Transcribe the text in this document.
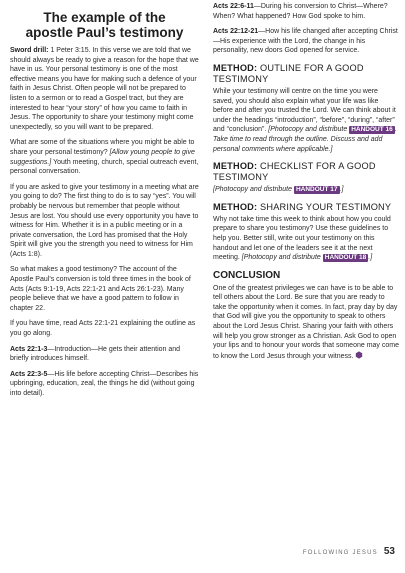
The example of the
apostle Paul’s testimony

Sword drill: 1 Peter 3:15. In this verse we are told that we should always be ready to give a reason for the hope that we have in us. Your personal testimony is one of the most effective means you have for making such a defence of your faith in Jesus Christ. Often people will not be prepared to listen to a sermon or to read a Gospel tract, but they are interested to hear “your story” of how you came to faith in Jesus. The opportunity to share your testimony might come unexpectedly, so you will want to be prepared.

What are some of the situations where you might be able to share your personal testimony? [Allow young people to give suggestions.] Youth meeting, church, special outreach event, personal conversation.

If you are asked to give your testimony in a meeting what are you going to do? The first thing to do is to say “yes”. You will probably be nervous but remember that people without Jesus are lost. You should use every opportunity you have to witness for Him. Whether it is in a public meeting or in a private conversation, the Lord has promised that the Holy Spirit will give you the strength you need to witness for Him (Acts 1:8).

So what makes a good testimony? The account of the Apostle Paul’s conversion is told three times in the book of Acts (Acts 9:1-19, Acts 22:1-21 and Acts 26:1-23). Many people believe that we have a good pattern to follow in chapter 22.

If you have time, read Acts 22:1-21 explaining the outline as you go along.

Acts 22:1-3—Introduction—He gets their attention and briefly introduces himself.

Acts 22:3-5—His life before accepting Christ—Describes his upbringing, education, zeal, the things he did (without going into detail).

Acts 22:6-11—During his conversion to Christ—Where? When? What happened? How God spoke to him.

Acts 22:12-21—How his life changed after accepting Christ—His experience with the Lord, the change in his personality, new doors God opened for service.

METHOD: OUTLINE FOR A GOOD TESTIMONY

While your testimony will centre on the time you were saved, you should also explain what your life was like before and after you trusted the Lord. We can think about it under the headings “introduction”, “before”, “during”, “after” and “conclusion”. [Photocopy and distribute HANDOUT 16 . Take time to read through the outline. Discuss and add personal comments where applicable.]

METHOD: CHECKLIST FOR A GOOD TESTIMONY

[Photocopy and distribute HANDOUT 17 .]

METHOD: SHARING YOUR TESTIMONY

Why not take time this week to think about how you could prepare to share you testimony? Use these guidelines to help you. Better still, write out your testimony on this handout and let one of the leaders see it at the next meeting. [Photocopy and distribute HANDOUT 18 .]

CONCLUSION

One of the greatest privileges we can have is to be able to tell others about the Lord. Be sure that you are ready to take the opportunity when it comes. In fact, pray day by day that God will give you the opportunity to speak to others about the Lord Jesus Christ. Sharing your faith with others will help you grow stronger as a Christian. Ask God to open your lips and to honour your words that someone may come to know the Lord Jesus through your witness.

FOLLOWING JESUS 53
